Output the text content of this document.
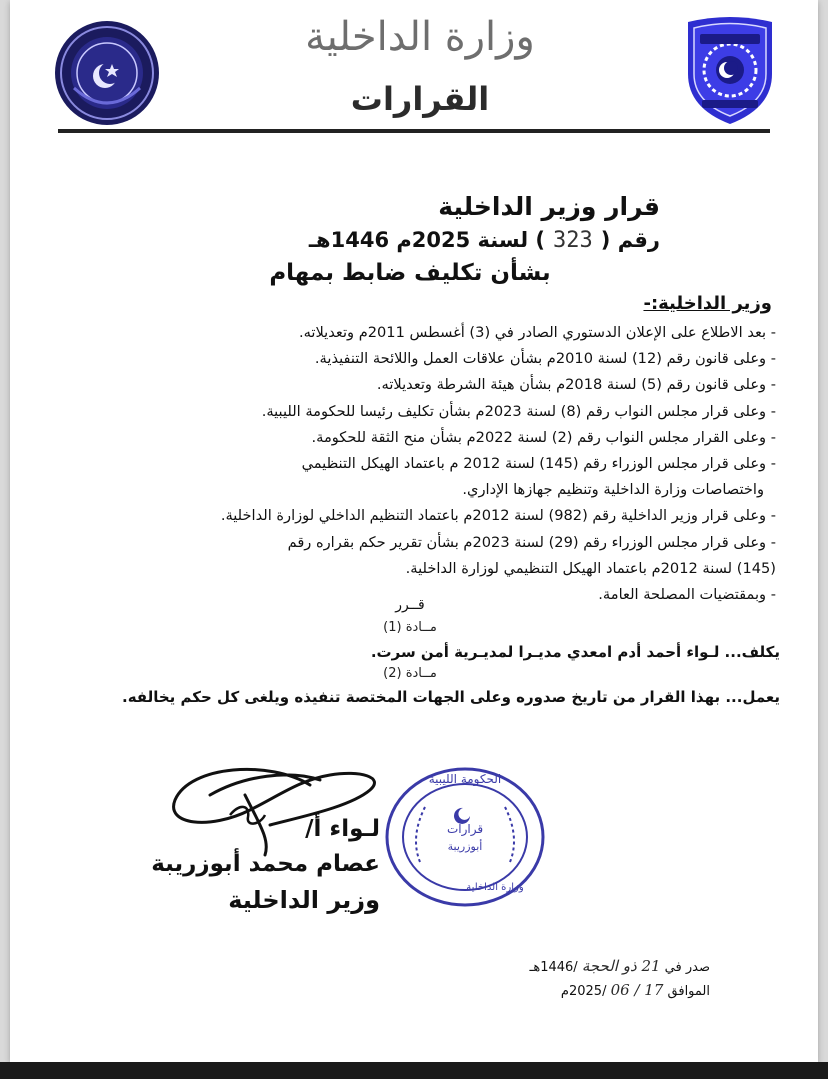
وزارة الداخلية
القرارات
قرار وزير الداخلية
رقم (323) لسنة 2025م 1446هـ
بشأن تكليف ضابط بمهام
وزير الداخلية:-
- بعد الاطلاع على الإعلان الدستوري الصادر في (3) أغسطس 2011م وتعديلاته.
- وعلى قانون رقم (12) لسنة 2010م بشأن علاقات العمل واللائحة التنفيذية.
- وعلى قانون رقم (5) لسنة 2018م بشأن هيئة الشرطة وتعديلاته.
- وعلى قرار مجلس النواب رقم (8) لسنة 2023م بشأن تكليف رئيسا للحكومة الليبية.
- وعلى القرار مجلس النواب رقم (2) لسنة 2022م بشأن منح الثقة للحكومة.
- وعلى قرار مجلس الوزراء رقم (145) لسنة 2012 م باعتماد الهيكل التنظيمي
واختصاصات وزارة الداخلية وتنظيم جهازها الإداري.
- وعلى قرار وزير الداخلية رقم (982) لسنة 2012م باعتماد التنظيم الداخلي لوزارة الداخلية.
- وعلى قرار مجلس الوزراء رقم (29) لسنة 2023م بشأن تقرير حكم بقراره رقم
(145) لسنة 2012م باعتماد الهيكل التنظيمي لوزارة الداخلية.
- وبمقتضيات المصلحة العامة.
قــرر
مــادة (1)
يكلف... لـواء أحمد أدم امعدي مديـرا لمديـرية أمن سرت.
مــادة (2)
يعمل... بهذا القرار من تاريخ صدوره وعلى الجهات المختصة تنفيذه ويلغى كل حكم يخالفه.
الحكومة الليبية
قرارات
أبوزريبة
وزارة الداخلية
لـواء أ/
عصام محمد أبوزريبة
وزير الداخلية
صدر في 21 ذو الحجة /1446هـ
الموافق 17 / 06 /2025م
